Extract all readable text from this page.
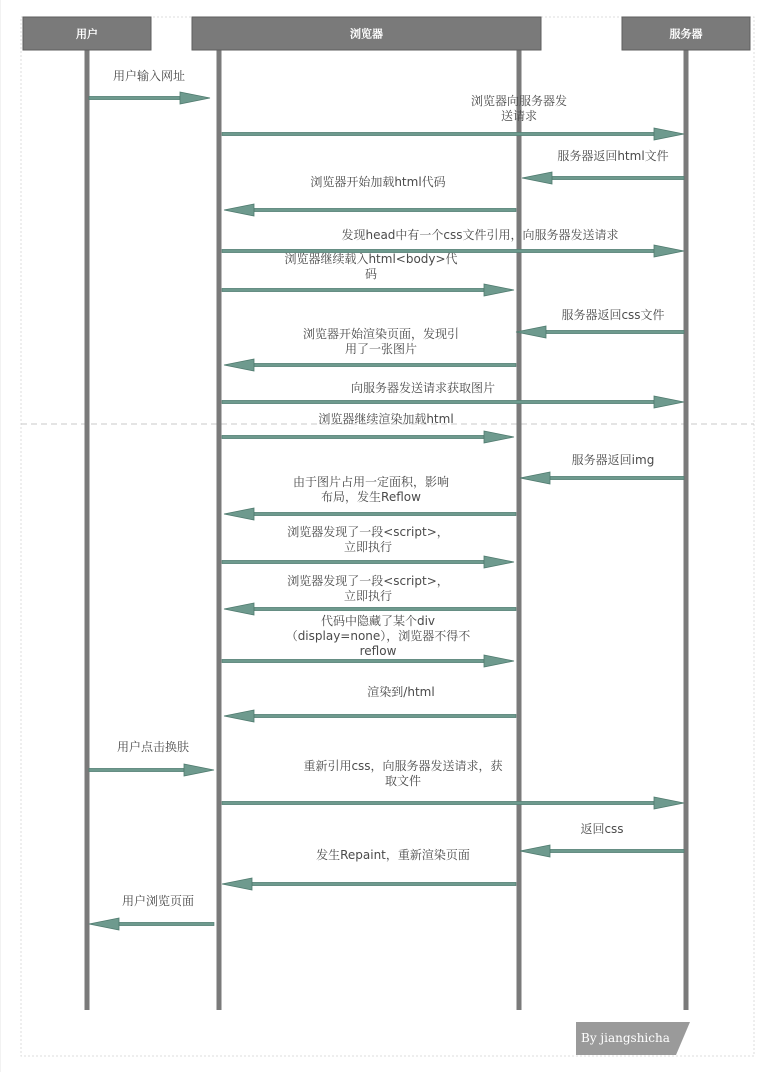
用户	浏览器	服务器
用户输入网址
浏览器向服务器发
送请求
服务器返回html文件
浏览器开始加载html代码
发现head中有一个css文件引用，向服务器发送请求
浏览器继续载入html<body>代
码
服务器返回css文件
浏览器开始渲染页面，发现引
用了一张图片
向服务器发送请求获取图片
浏览器继续渲染加载html
服务器返回img
由于图片占用一定面积，影响
布局，发生Reflow
浏览器发现了一段<script>，
立即执行
浏览器发现了一段<script>，
立即执行
代码中隐藏了某个div
（display=none），浏览器不得不
reflow
渲染到/html
用户点击换肤
重新引用css，向服务器发送请求，获
取文件
返回css
发生Repaint，重新渲染页面
用户浏览页面
By jiangshicha
